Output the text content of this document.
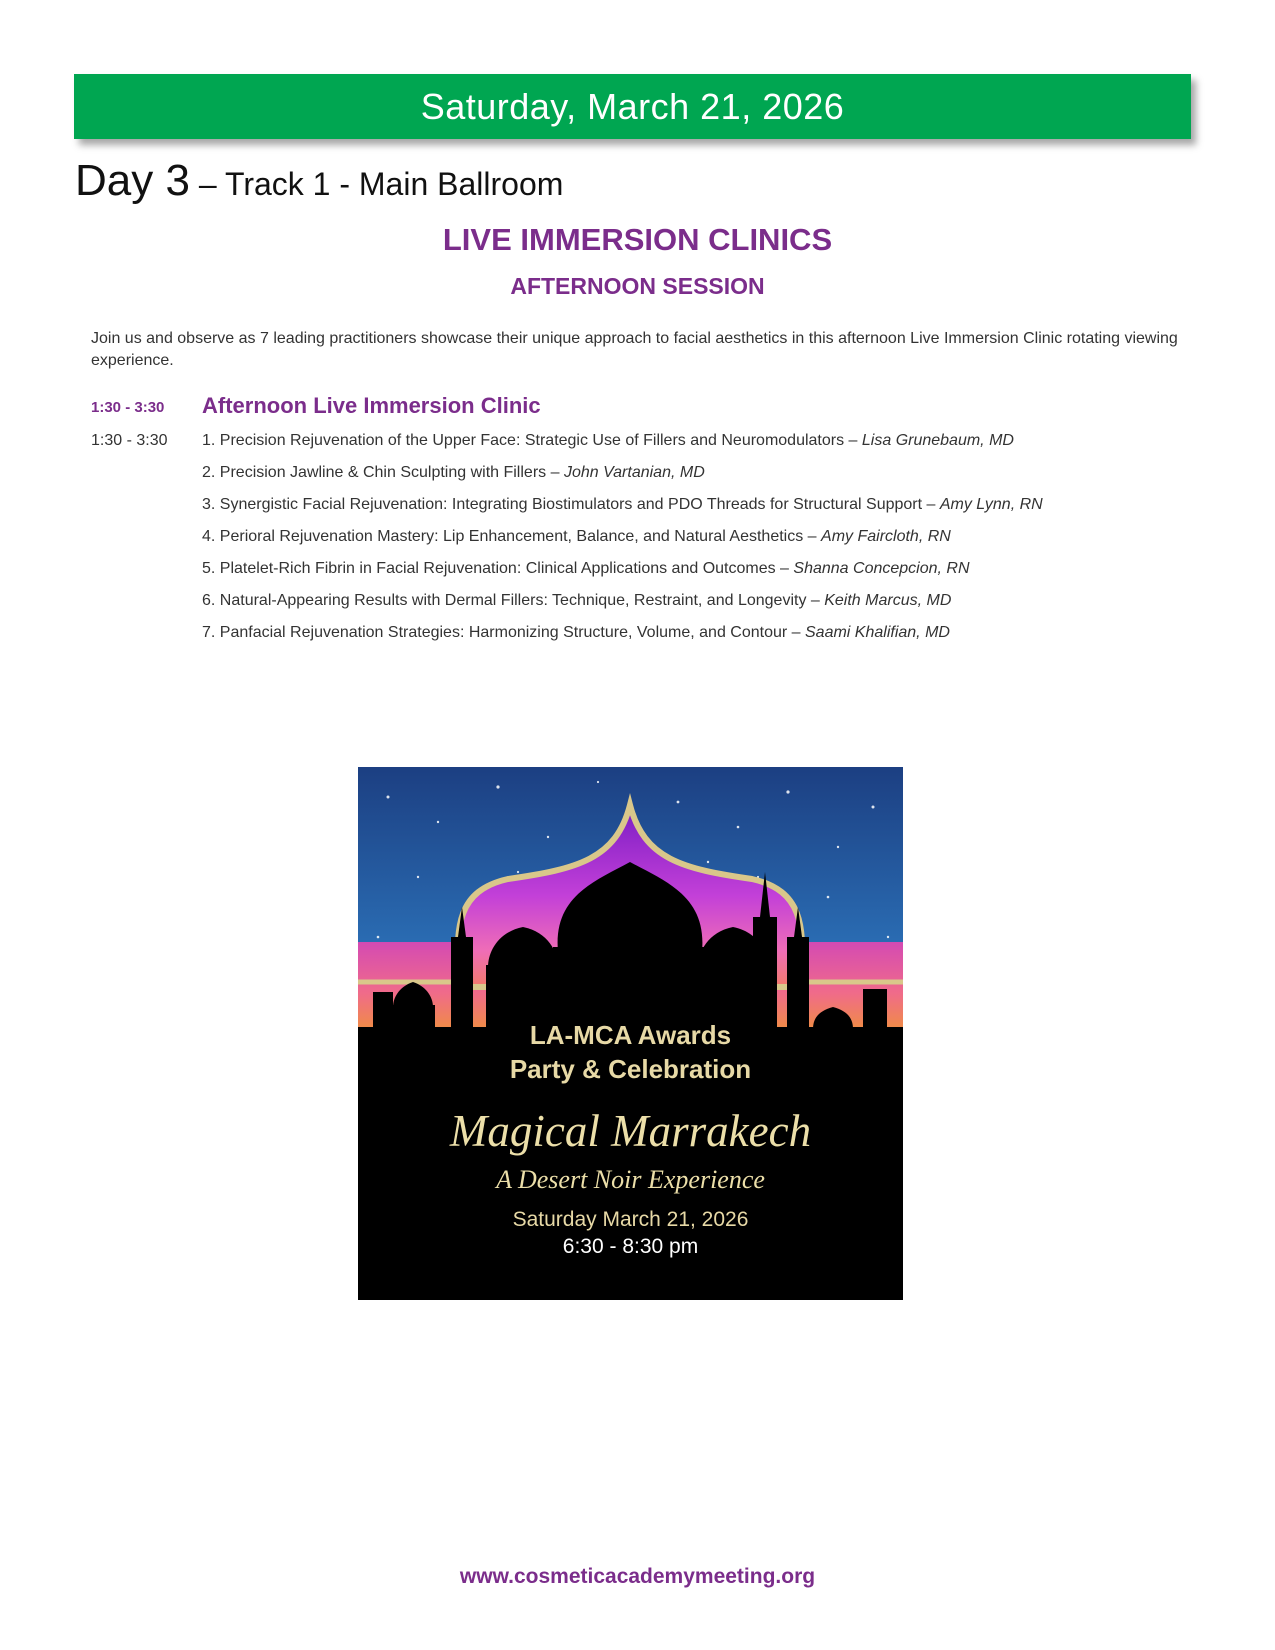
Saturday, March 21, 2026
Day 3 – Track 1 - Main Ballroom
LIVE IMMERSION CLINICS
AFTERNOON SESSION
Join us and observe as 7 leading practitioners showcase their unique approach to facial aesthetics in this afternoon Live Immersion Clinic rotating viewing experience.
1:30 - 3:30 Afternoon Live Immersion Clinic
1:30 - 3:30 1. Precision Rejuvenation of the Upper Face: Strategic Use of Fillers and Neuromodulators – Lisa Grunebaum, MD
2. Precision Jawline & Chin Sculpting with Fillers – John Vartanian, MD
3. Synergistic Facial Rejuvenation: Integrating Biostimulators and PDO Threads for Structural Support – Amy Lynn, RN
4. Perioral Rejuvenation Mastery: Lip Enhancement, Balance, and Natural Aesthetics – Amy Faircloth, RN
5. Platelet-Rich Fibrin in Facial Rejuvenation: Clinical Applications and Outcomes – Shanna Concepcion, RN
6. Natural-Appearing Results with Dermal Fillers: Technique, Restraint, and Longevity – Keith Marcus, MD
7. Panfacial Rejuvenation Strategies: Harmonizing Structure, Volume, and Contour – Saami Khalifian, MD
LA-MCA Awards
Party & Celebration
Magical Marrakech
A Desert Noir Experience
Saturday March 21, 2026
6:30 - 8:30 pm
www.cosmeticacademymeeting.org
